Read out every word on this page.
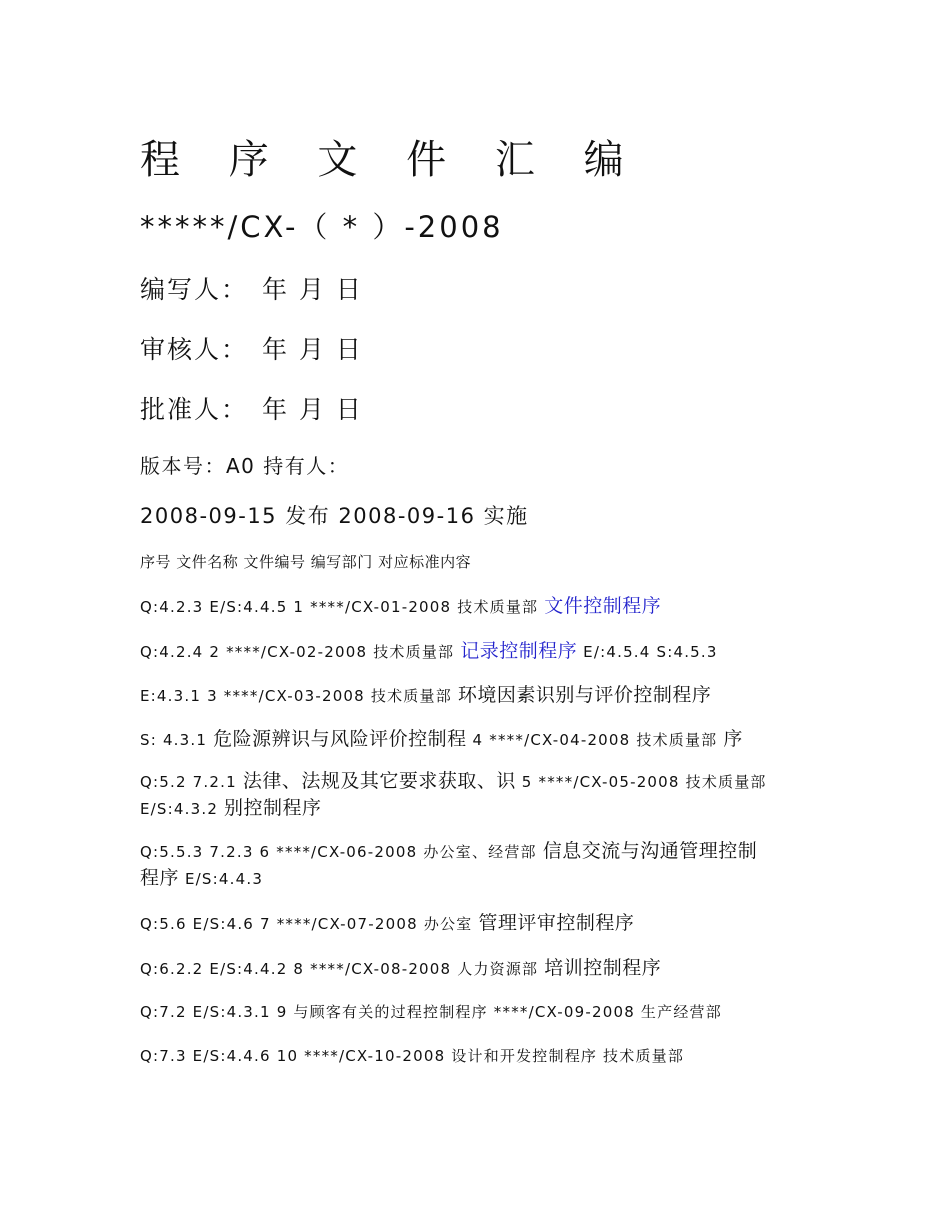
程 序 文 件 汇 编
*****/CX-（ * ）-2008
编写人： 年 月 日
审核人： 年 月 日
批准人： 年 月 日
版本号：A0 持有人：
2008-09-15 发布 2008-09-16 实施
序号 文件名称 文件编号 编写部门 对应标准内容
Q:4.2.3 E/S:4.4.5 1 ****/CX-01-2008 技术质量部 文件控制程序
Q:4.2.4 2 ****/CX-02-2008 技术质量部 记录控制程序 E/:4.5.4 S:4.5.3
E:4.3.1 3 ****/CX-03-2008 技术质量部 环境因素识别与评价控制程序
S: 4.3.1 危险源辨识与风险评价控制程 4 ****/CX-04-2008 技术质量部 序
Q:5.2 7.2.1 法律、法规及其它要求获取、识 5 ****/CX-05-2008 技术质量部
E/S:4.3.2 别控制程序
Q:5.5.3 7.2.3 6 ****/CX-06-2008 办公室、经营部 信息交流与沟通管理控制
程序 E/S:4.4.3
Q:5.6 E/S:4.6 7 ****/CX-07-2008 办公室 管理评审控制程序
Q:6.2.2 E/S:4.4.2 8 ****/CX-08-2008 人力资源部 培训控制程序
Q:7.2 E/S:4.3.1 9 与顾客有关的过程控制程序 ****/CX-09-2008 生产经营部
Q:7.3 E/S:4.4.6 10 ****/CX-10-2008 设计和开发控制程序 技术质量部
